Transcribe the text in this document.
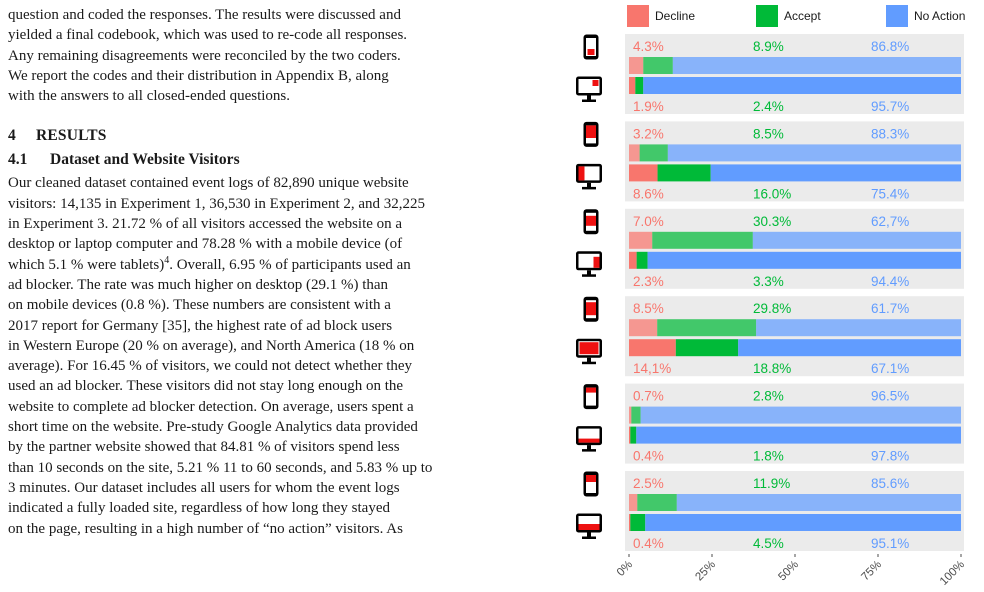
question and coded the responses. The results were discussed and

yielded a final codebook, which was used to re-code all responses.

Any remaining disagreements were reconciled by the two coders.

We report the codes and their distribution in Appendix B, along

with the answers to all closed-ended questions.

4 RESULTS
4.1 Dataset and Website Visitors

Our cleaned dataset contained event logs of 82,890 unique website

visitors: 14,135 in Experiment 1, 36,530 in Experiment 2, and 32,225

in Experiment 3. 21.72 % of all visitors accessed the website on a

desktop or laptop computer and 78.28 % with a mobile device (of

which 5.1 % were tablets)$^4$. Overall, 6.95 % of participants used an

ad blocker. The rate was much higher on desktop (29.1 %) than

on mobile devices (0.8 %). These numbers are consistent with a

2017 report for Germany [35], the highest rate of ad block users

in Western Europe (20 % on average), and North America (18 % on

average). For 16.45 % of visitors, we could not detect whether they

used an ad blocker. These visitors did not stay long enough on the

website to complete ad blocker detection. On average, users spent a

short time on the website. Pre-study Google Analytics data provided

by the partner website showed that 84.81 % of visitors spend less

than 10 seconds on the site, 5.21 % 11 to 60 seconds, and 5.83 % up to

3 minutes. Our dataset includes all users for whom the event logs

indicated a fully loaded site, regardless of how long they stayed

on the page, resulting in a high number of “no action” visitors. As

Decline	Accept	No Action
4.3%	8.9%	86.8%
1.9%	2.4%	95.7%
3.2%	8.5%	88.3%
8.6%	16.0%	75.4%
7.0%	30.3%	62,7%
2.3%	3.3%	94.4%
8.5%	29.8%	61.7%
14,1%	18.8%	67.1%
0.7%	2.8%	96.5%
0.4%	1.8%	97.8%
2.5%	11.9%	85.6%
0.4%	4.5%	95.1%
0%	25%	50%	75%	100%
